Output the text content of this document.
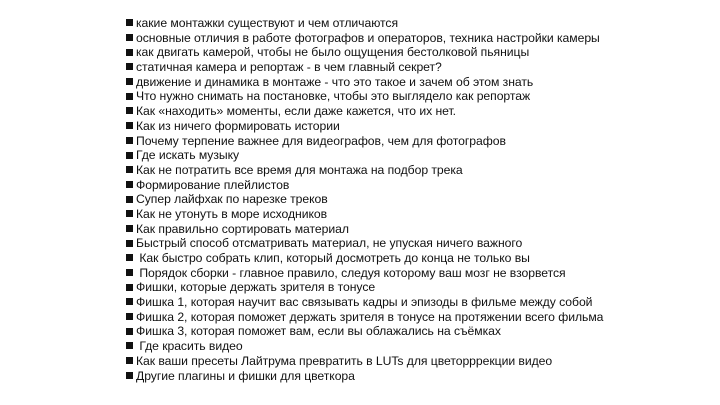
какие монтажки существуют и чем отличаются
основные отличия в работе фотографов и операторов, техника настройки камеры
как двигать камерой, чтобы не было ощущения бестолковой пьяницы
статичная камера и репортаж - в чем главный секрет?
движение и динамика в монтаже - что это такое и зачем об этом знать
Что нужно снимать на постановке, чтобы это выглядело как репортаж
Как «находить» моменты, если даже кажется, что их нет.
Как из ничего формировать истории
Почему терпение важнее для видеографов, чем для фотографов
Где искать музыку
Как не потратить все время для монтажа на подбор трека
Формирование плейлистов
Супер лайфхак по нарезке треков
Как не утонуть в море исходников
Как правильно сортировать материал
Быстрый способ отсматривать материал, не упуская ничего важного
Как быстро собрать клип, который досмотреть до конца не только вы
Порядок сборки - главное правило, следуя которому ваш мозг не взорвется
Фишки, которые держать зрителя в тонусе
Фишка 1, которая научит вас связывать кадры и эпизоды в фильме между собой
Фишка 2, которая поможет держать зрителя в тонусе на протяжении всего фильма
Фишка 3, которая поможет вам, если вы облажались на съёмках
Где красить видео
Как ваши пресеты Лайтрума превратить в LUTs для цветорррекции видео
Другие плагины и фишки для цветкора
